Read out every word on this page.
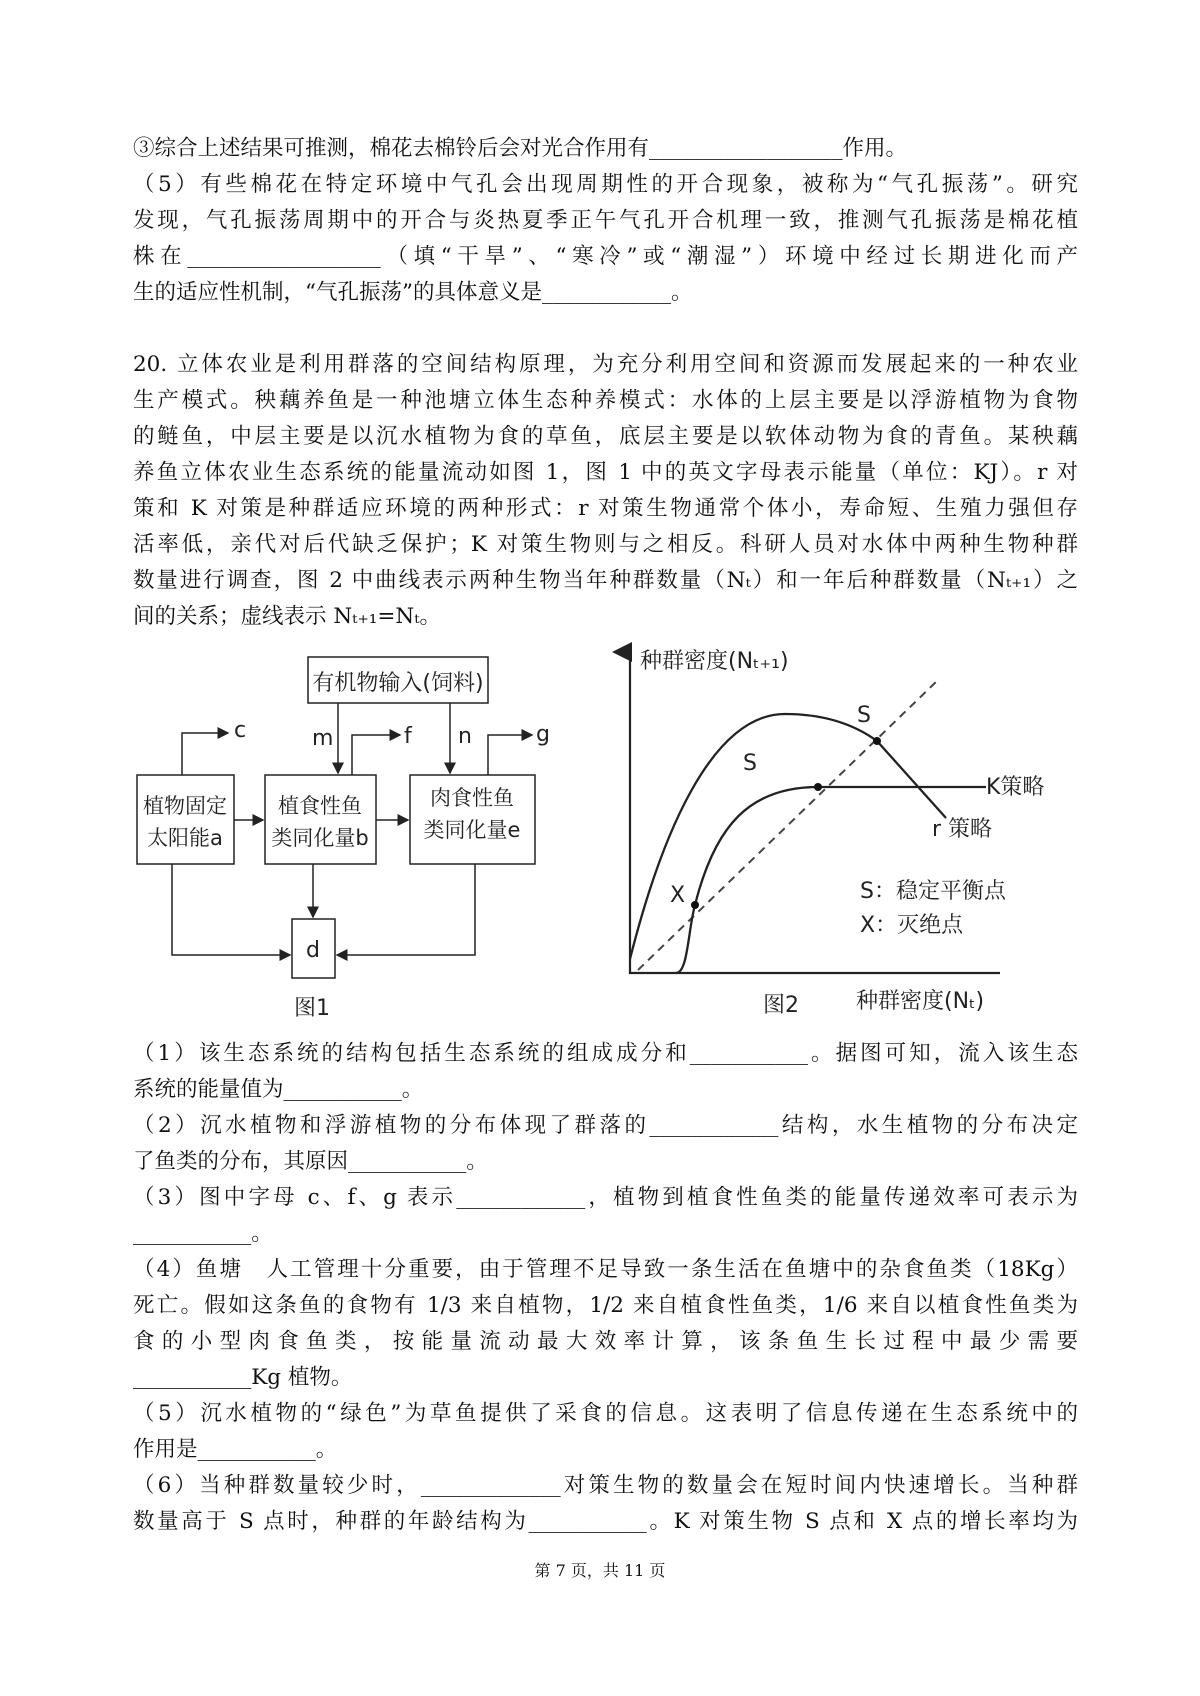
③综合上述结果可推测，棉花去棉铃后会对光合作用有__________________作用。
（5）有些棉花在特定环境中气孔会出现周期性的开合现象，被称为“气孔振荡”。研究
发现，气孔振荡周期中的开合与炎热夏季正午气孔开合机理一致，推测气孔振荡是棉花植
株在__________________（填“干旱”、“寒冷”或“潮湿”）环境中经过长期进化而产
生的适应性机制，“气孔振荡”的具体意义是____________。
20. 立体农业是利用群落的空间结构原理，为充分利用空间和资源而发展起来的一种农业
生产模式。秧藕养鱼是一种池塘立体生态种养模式：水体的上层主要是以浮游植物为食物
的鲢鱼，中层主要是以沉水植物为食的草鱼，底层主要是以软体动物为食的青鱼。某秧藕
养鱼立体农业生态系统的能量流动如图 1，图 1 中的英文字母表示能量（单位：KJ）。r 对
策和 K 对策是种群适应环境的两种形式：r 对策生物通常个体小，寿命短、生殖力强但存
活率低，亲代对后代缺乏保护；K 对策生物则与之相反。科研人员对水体中两种生物种群
数量进行调查，图 2 中曲线表示两种生物当年种群数量（Nₜ）和一年后种群数量（Nₜ₊₁）之
间的关系；虚线表示 Nₜ₊₁=Nₜ。
（1）该生态系统的结构包括生态系统的组成成分和___________。据图可知，流入该生态
系统的能量值为___________。
（2）沉水植物和浮游植物的分布体现了群落的____________结构，水生植物的分布决定
了鱼类的分布，其原因___________。
（3）图中字母 c、f、g 表示____________，植物到植食性鱼类的能量传递效率可表示为
___________。
（4）鱼塘　人工管理十分重要，由于管理不足导致一条生活在鱼塘中的杂食鱼类（18Kg）
死亡。假如这条鱼的食物有 1/3 来自植物，1/2 来自植食性鱼类，1/6 来自以植食性鱼类为
食 的 小 型 肉 食 鱼 类 ， 按 能 量 流 动 最 大 效 率 计 算 ， 该 条 鱼 生 长 过 程 中 最 少 需 要
___________Kg 植物。
（5）沉水植物的“绿色”为草鱼提供了采食的信息。这表明了信息传递在生态系统中的
作用是___________。
（6）当种群数量较少时，_____________对策生物的数量会在短时间内快速增长。当种群
数量高于 S 点时，种群的年龄结构为___________。K 对策生物 S 点和 X 点的增长率均为
有机物输入(饲料)
植物固定
太阳能a
植食性鱼
类同化量b
肉食性鱼
类同化量e
d
c	m	f n	g
图1
种群密度(Nₜ₊₁)
S
S
X
K策略
r 策略
S：稳定平衡点
X：灭绝点
种群密度(Nₜ)
图2
第 7 页，共 11 页
